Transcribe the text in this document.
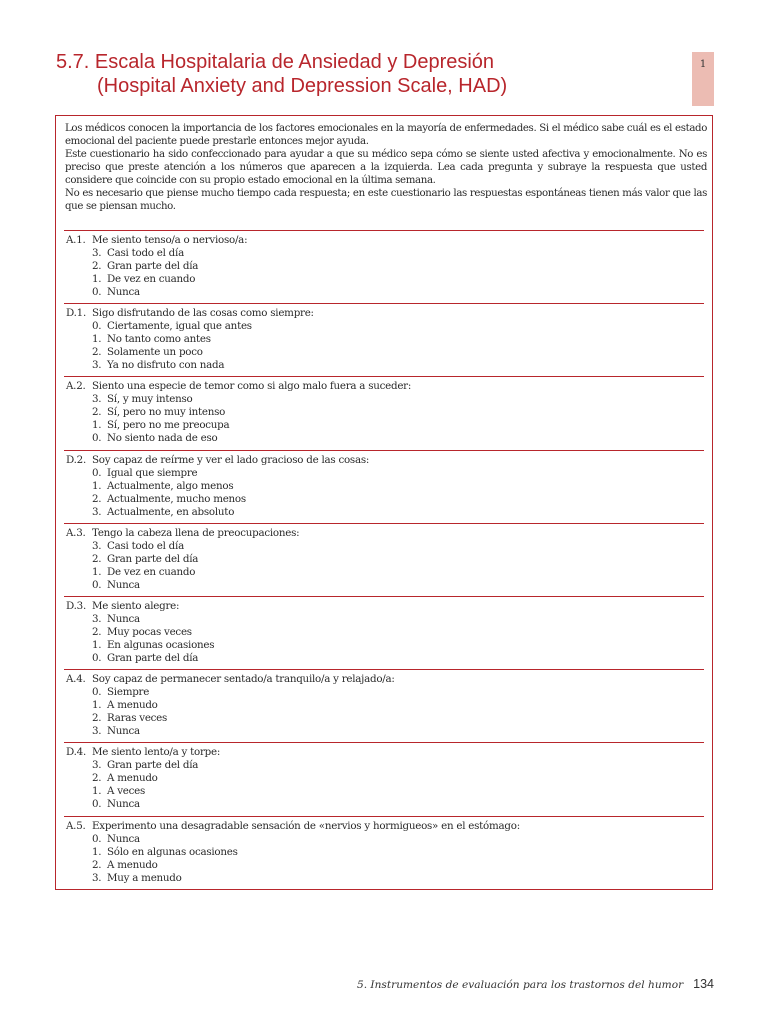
5.7. Escala Hospitalaria de Ansiedad y Depresión
(Hospital Anxiety and Depression Scale, HAD)
1

Los médicos conocen la importancia de los factores emocionales en la mayoría de enfermedades. Si el médico sabe cuál es el estado emocional del paciente puede prestarle entonces mejor ayuda.

Este cuestionario ha sido confeccionado para ayudar a que su médico sepa cómo se siente usted afectiva y emocionalmente. No es preciso que preste atención a los números que aparecen a la izquierda. Lea cada pregunta y subraye la respuesta que usted considere que coincide con su propio estado emocional en la última semana.

No es necesario que piense mucho tiempo cada respuesta; en este cuestionario las respuestas espontáneas tienen más valor que las que se piensan mucho.

A.1. Me siento tenso/a o nervioso/a:
3. Casi todo el día
2. Gran parte del día
1. De vez en cuando
0. Nunca
D.1. Sigo disfrutando de las cosas como siempre:
0. Ciertamente, igual que antes
1. No tanto como antes
2. Solamente un poco
3. Ya no disfruto con nada
A.2. Siento una especie de temor como si algo malo fuera a suceder:
3. Sí, y muy intenso
2. Sí, pero no muy intenso
1. Sí, pero no me preocupa
0. No siento nada de eso
D.2. Soy capaz de reírme y ver el lado gracioso de las cosas:
0. Igual que siempre
1. Actualmente, algo menos
2. Actualmente, mucho menos
3. Actualmente, en absoluto
A.3. Tengo la cabeza llena de preocupaciones:
3. Casi todo el día
2. Gran parte del día
1. De vez en cuando
0. Nunca
D.3. Me siento alegre:
3. Nunca
2. Muy pocas veces
1. En algunas ocasiones
0. Gran parte del día
A.4. Soy capaz de permanecer sentado/a tranquilo/a y relajado/a:
0. Siempre
1. A menudo
2. Raras veces
3. Nunca
D.4. Me siento lento/a y torpe:
3. Gran parte del día
2. A menudo
1. A veces
0. Nunca
A.5. Experimento una desagradable sensación de «nervios y hormigueos» en el estómago:
0. Nunca
1. Sólo en algunas ocasiones
2. A menudo
3. Muy a menudo
5. Instrumentos de evaluación para los trastornos del humor 134
